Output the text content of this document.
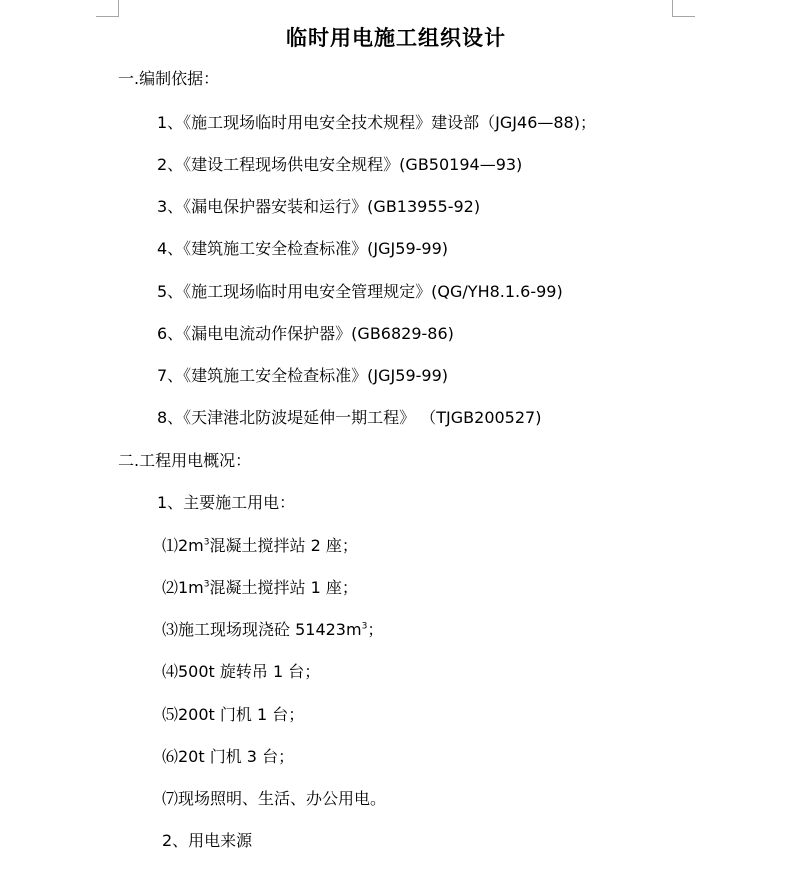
临时用电施工组织设计
一.编制依据：
1、《施工现场临时用电安全技术规程》建设部（JGJ46—88)；
2、《建设工程现场供电安全规程》(GB50194—93)
3、《漏电保护器安装和运行》(GB13955-92)
4、《建筑施工安全检查标准》(JGJ59-99)
5、《施工现场临时用电安全管理规定》(QG/YH8.1.6-99)
6、《漏电电流动作保护器》(GB6829-86)
7、《建筑施工安全检查标准》(JGJ59-99)
8、《天津港北防波堤延伸一期工程》 （TJGB200527)
二.工程用电概况：
1、主要施工用电：
$⑴2m^3$混凝土搅拌站 2 座；
$⑵1m^3$混凝土搅拌站 1 座；
⑶施工现场现浇砼 $51423m^3$；
⑷500t 旋转吊 1 台；
⑸200t 门机 1 台；
⑹20t 门机 3 台；
⑺现场照明、生活、办公用电。
2、用电来源
